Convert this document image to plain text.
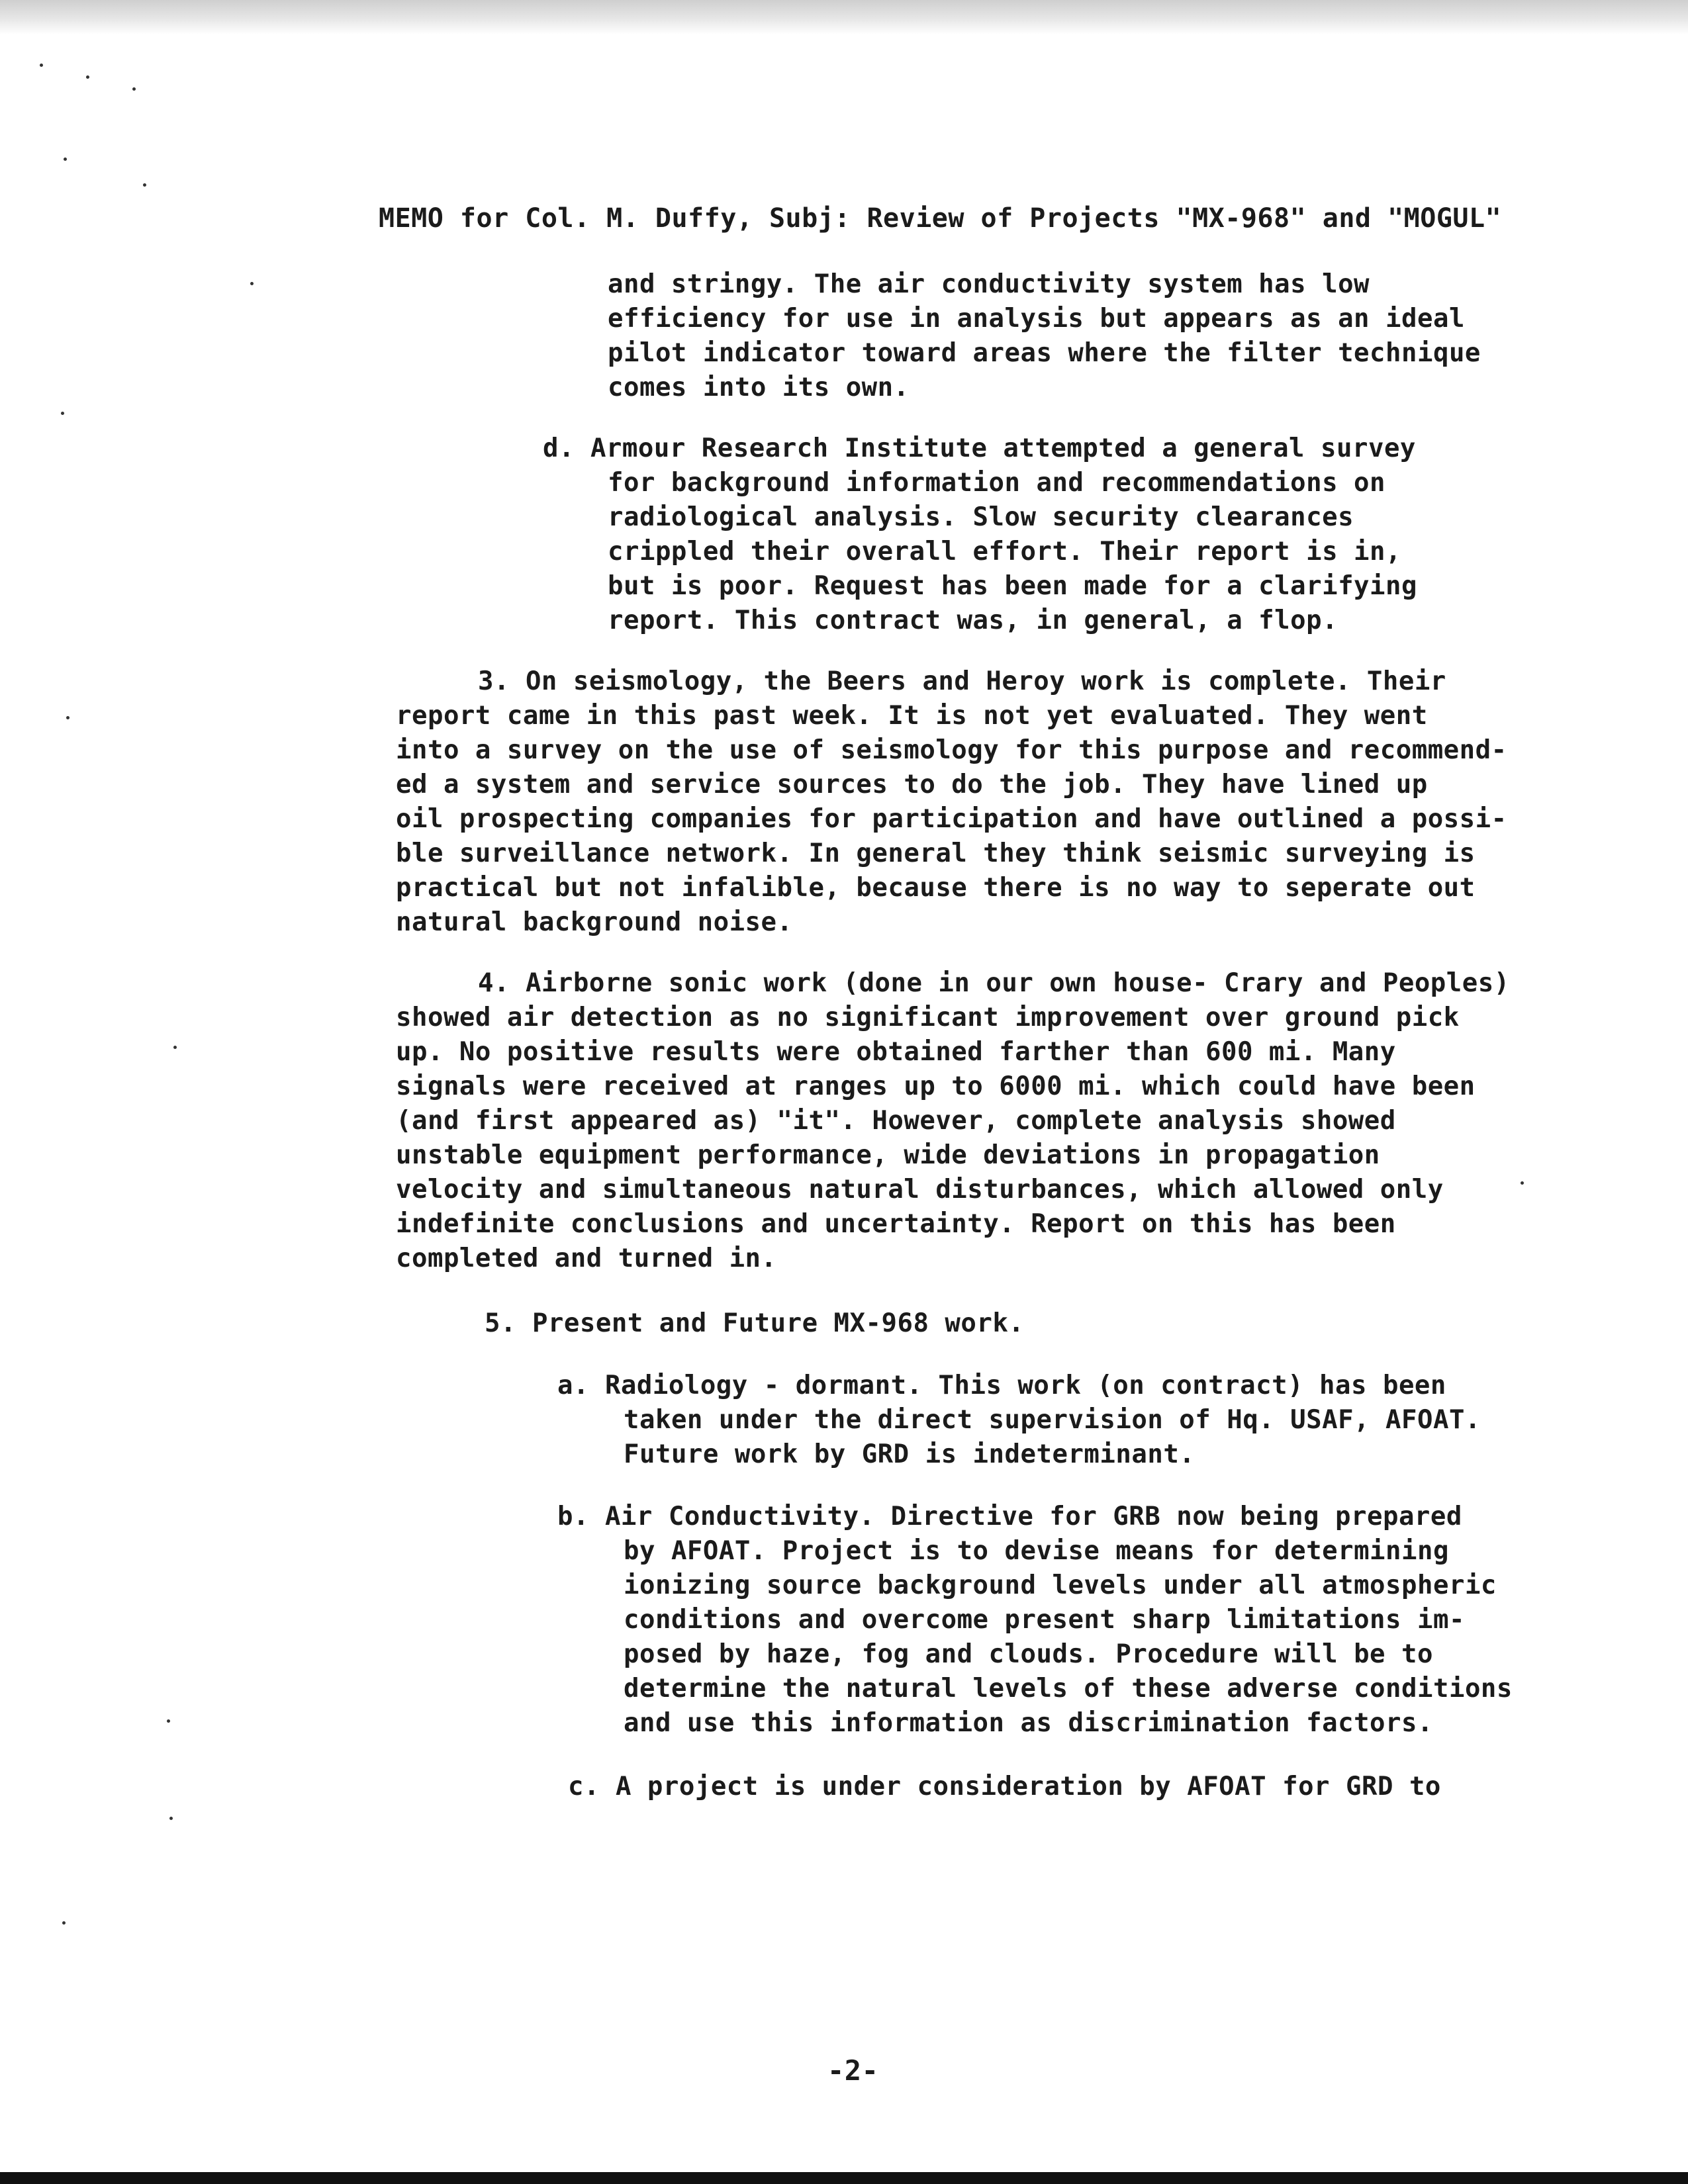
MEMO for Col. M. Duffy, Subj: Review of Projects "MX-968" and "MOGUL"
and stringy. The air conductivity system has low
efficiency for use in analysis but appears as an ideal
pilot indicator toward areas where the filter technique
comes into its own.
d. Armour Research Institute attempted a general survey
for background information and recommendations on
radiological analysis. Slow security clearances
crippled their overall effort. Their report is in,
but is poor. Request has been made for a clarifying
report. This contract was, in general, a flop.
3. On seismology, the Beers and Heroy work is complete. Their
report came in this past week. It is not yet evaluated. They went
into a survey on the use of seismology for this purpose and recommend-
ed a system and service sources to do the job. They have lined up
oil prospecting companies for participation and have outlined a possi-
ble surveillance network. In general they think seismic surveying is
practical but not infalible, because there is no way to seperate out
natural background noise.
4. Airborne sonic work (done in our own house- Crary and Peoples)
showed air detection as no significant improvement over ground pick
up. No positive results were obtained farther than 600 mi. Many
signals were received at ranges up to 6000 mi. which could have been
(and first appeared as) "it". However, complete analysis showed
unstable equipment performance, wide deviations in propagation
velocity and simultaneous natural disturbances, which allowed only
indefinite conclusions and uncertainty. Report on this has been
completed and turned in.
5. Present and Future MX-968 work.
a. Radiology - dormant. This work (on contract) has been
taken under the direct supervision of Hq. USAF, AFOAT.
Future work by GRD is indeterminant.
b. Air Conductivity. Directive for GRB now being prepared
by AFOAT. Project is to devise means for determining
ionizing source background levels under all atmospheric
conditions and overcome present sharp limitations im-
posed by haze, fog and clouds. Procedure will be to
determine the natural levels of these adverse conditions
and use this information as discrimination factors.
c. A project is under consideration by AFOAT for GRD to
-2-
